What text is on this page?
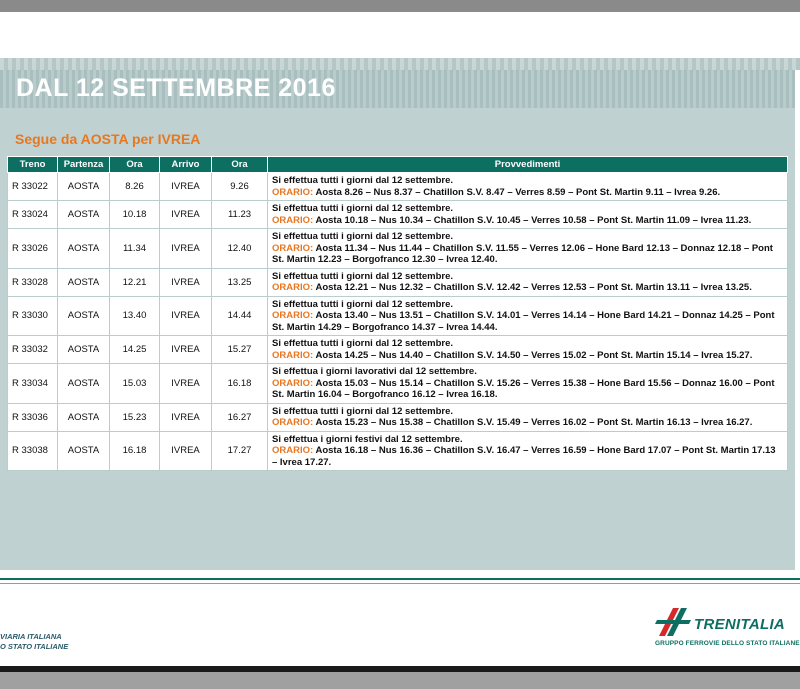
DAL 12 SETTEMBRE 2016
Segue da AOSTA per IVREA
Treno	Partenza	Ora	Arrivo	Ora	Provvedimenti
R 33022	AOSTA	8.26	IVREA	9.26	Si effettua tutti i giorni dal 12 settembre.
ORARIO: Aosta 8.26 – Nus 8.37 – Chatillon S.V. 8.47 – Verres 8.59 – Pont St. Martin 9.11 – Ivrea 9.26.

R 33024	AOSTA	10.18	IVREA	11.23	Si effettua tutti i giorni dal 12 settembre.
ORARIO: Aosta 10.18 – Nus 10.34 – Chatillon S.V. 10.45 – Verres 10.58 – Pont St. Martin 11.09 – Ivrea 11.23.

R 33026	AOSTA	11.34	IVREA	12.40	Si effettua tutti i giorni dal 12 settembre.
ORARIO: Aosta 11.34 – Nus 11.44 – Chatillon S.V. 11.55 – Verres 12.06 – Hone Bard 12.13 – Donnaz 12.18 – Pont St. Martin 12.23 – Borgofranco 12.30 – Ivrea 12.40.

R 33028	AOSTA	12.21	IVREA	13.25	Si effettua tutti i giorni dal 12 settembre.
ORARIO: Aosta 12.21 – Nus 12.32 – Chatillon S.V. 12.42 – Verres 12.53 – Pont St. Martin 13.11 – Ivrea 13.25.

R 33030	AOSTA	13.40	IVREA	14.44	Si effettua tutti i giorni dal 12 settembre.
ORARIO: Aosta 13.40 – Nus 13.51 – Chatillon S.V. 14.01 – Verres 14.14 – Hone Bard 14.21 – Donnaz 14.25 – Pont St. Martin 14.29 – Borgofranco 14.37 – Ivrea 14.44.

R 33032	AOSTA	14.25	IVREA	15.27	Si effettua tutti i giorni dal 12 settembre.
ORARIO: Aosta 14.25 – Nus 14.40 – Chatillon S.V. 14.50 – Verres 15.02 – Pont St. Martin 15.14 – Ivrea 15.27.

R 33034	AOSTA	15.03	IVREA	16.18	Si effettua i giorni lavorativi dal 12 settembre.
ORARIO: Aosta 15.03 – Nus 15.14 – Chatillon S.V. 15.26 – Verres 15.38 – Hone Bard 15.56 – Donnaz 16.00 – Pont St. Martin 16.04 – Borgofranco 16.12 – Ivrea 16.18.

R 33036	AOSTA	15.23	IVREA	16.27	Si effettua tutti i giorni dal 12 settembre.
ORARIO: Aosta 15.23 – Nus 15.38 – Chatillon S.V. 15.49 – Verres 16.02 – Pont St. Martin 16.13 – Ivrea 16.27.

R 33038	AOSTA	16.18	IVREA	17.27	Si effettua i giorni festivi dal 12 settembre.
ORARIO: Aosta 16.18 – Nus 16.36 – Chatillon S.V. 16.47 – Verres 16.59 – Hone Bard 17.07 – Pont St. Martin 17.13 – Ivrea 17.27.
VIARIA ITALIANA
O STATO ITALIANE
TRENITALIA
GRUPPO FERROVIE DELLO STATO ITALIANE
